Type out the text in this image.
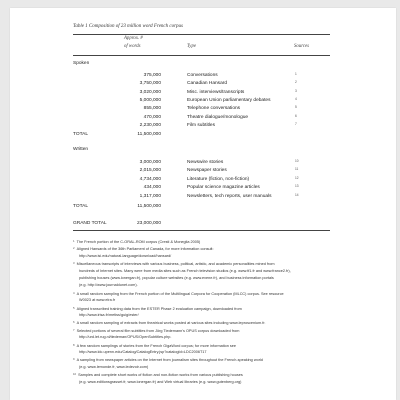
Table 1 Composition of 23 million word French corpus
Approx. #
of words	Type	Sources
Spoken
375,000	Conversations	1
3,750,000	Canadian Hansard	2
3,020,000	Misc. interviews/transcripts	3
5,000,000	European Union parliamentary debates	4
855,000	Telephone conversations	5
470,000	Theatre dialogue/monologue	6
2,230,000	Film subtitles	7
TOTAL	11,500,000
Written
3,000,000	Newswire stories	10
2,015,000	Newspaper stories	11
4,734,000	Literature (fiction, non-fiction)	12
434,000	Popular science magazine articles	13
1,317,000	Newsletters, tech reports, user manuals	14
TOTAL	11,500,000
GRAND TOTAL	23,000,000
$^1$ The French portion of the C-ORAL-ROM corpus (Cresti & Moneglia 2005)
$^2$ Aligned Hansards of the 36th Parliament of Canada, for more information consult:
http://www.isi.edu/natural-language/download/hansard/
$^3$ Miscellaneous transcripts of interviews with various business, political, artistic, and academic personalities mined from
hundreds of Internet sites. Many were from media sites such as French television studios (e.g. www.tf1.fr and www.france2.fr),
publishing houses (www.lonergan.fr), popular culture websites (e.g. www.evene.fr), and business information portals
(e.g. http://www.journaldunet.com).
$^4$ A small random sampling from the French portion of the Multilingual Corpora for Cooperation (MLCC) corpus. See resource
W0023 at www.elra.fr
$^5$ Aligned transcribed training data from the ESTER Phase 2 evaluation campaign, downloaded from
http://www.irisa.fr/metiss/guig/ester/
$^6$ A small random sampling of extracts from theatrical works posted at various sites including www.leproscenium.fr.
$^7$ Selected portions of several film subtitles from Jörg Tiedemann's OPUS corpus downloaded from
http://urd.let.rug.nl/tiedeman/OPUS/OpenSubtitles.php.
$^8$ A few random samplings of stories from the French GigaWord corpus; for more information see
http://www.ldc.upenn.edu/Catalog/CatalogEntry.jsp?catalogId=LDC2006T17
$^9$ A sampling from newspaper articles on the Internet from journalism sites throughout the French-speaking world
(e.g. www.lemonde.fr, www.ledevoir.com)
$^{10}$ Samples and complete short works of fiction and non-fiction works from various publishing houses
(e.g. www.editionsgrasset.fr, www.lonergan.fr) and Web virtual libraries (e.g. www.gutenberg.org)
